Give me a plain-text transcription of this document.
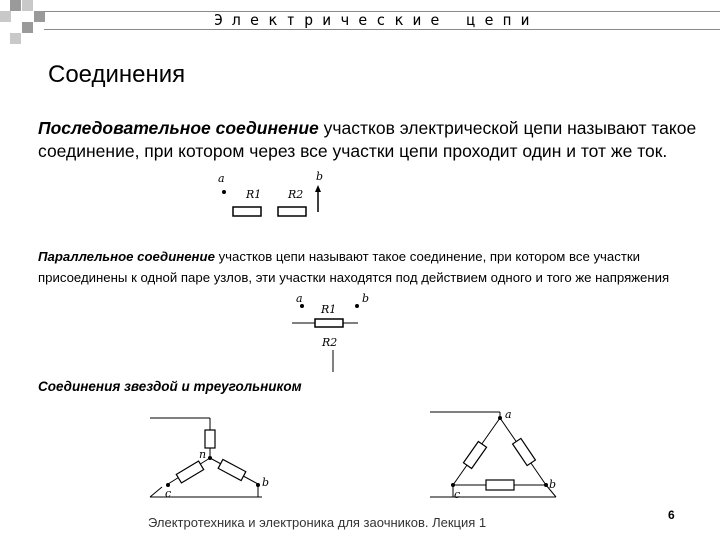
Электрические цепи
Соединения
Последовательное соединение участков электрической цепи называют такое соединение, при котором через все участки цепи проходит один и тот же ток.
Параллельное соединение участков цепи называют такое соединение, при котором все участки присоединены к одной паре узлов, эти участки находятся под действием одного и того же напряжения
Соединения звездой и треугольником
a
R1 R2
b
a	b
R1
R2
n
c
b
a
c
b
Электротехника и электроника для заочников. Лекция 1	6
